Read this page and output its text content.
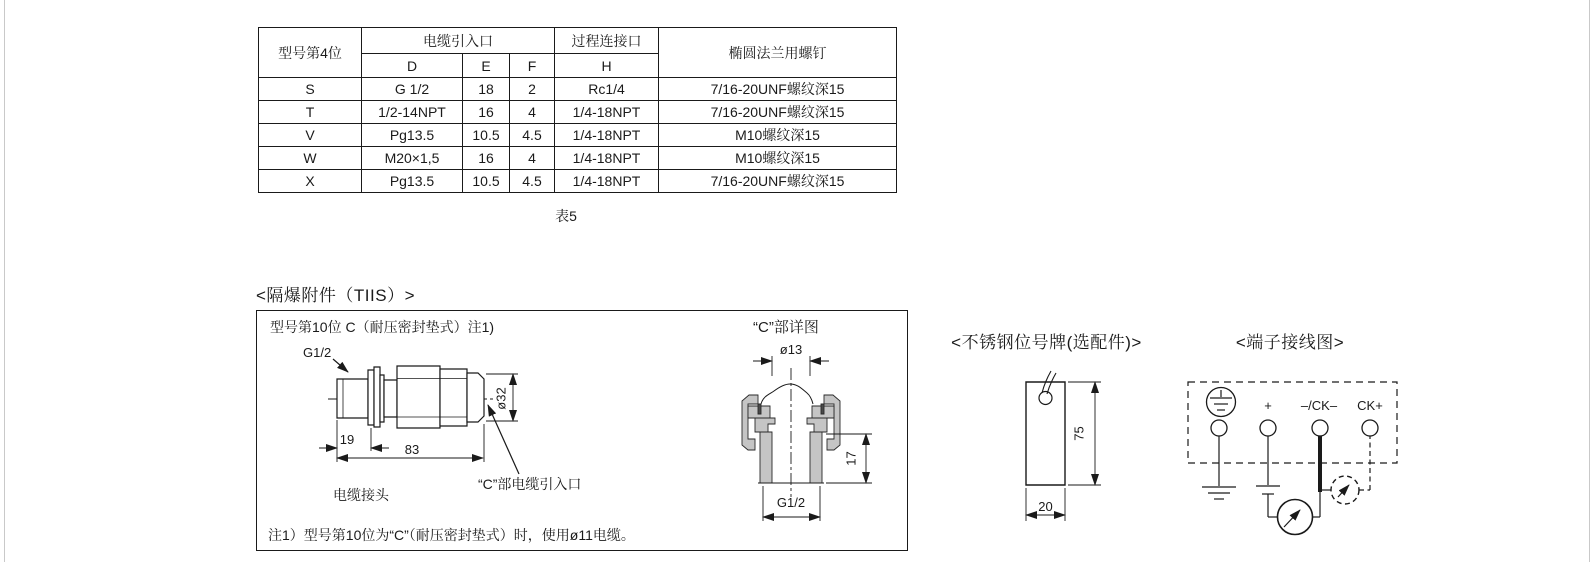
型号第4位	电缆引入口			过程连接口	椭圆法兰用螺钉
	D	E	F	H	
S	G 1/2	18	2	Rc1/4	7/16-20UNF螺纹深15
T	1/2-14NPT	16	4	1/4-18NPT	7/16-20UNF螺纹深15
V	Pg13.5	10.5	4.5	1/4-18NPT	M10螺纹深15
W	M20×1,5	16	4	1/4-18NPT	M10螺纹深15
X	Pg13.5	10.5	4.5	1/4-18NPT	7/16-20UNF螺纹深15
表5
<隔爆附件（TIIS）>
<不锈钢位号牌(选配件)>	<端子接线图>
型号第10位 C（耐压密封垫式）注1)
注1）型号第10位为“C”（耐压密封垫式）时，使用ø11电缆。
G1/2
ø32
19
83
电缆接头
“C”部电缆引入口
“C”部详图
ø13
17
G1/2
75
20
+	–/CK–	CK+
